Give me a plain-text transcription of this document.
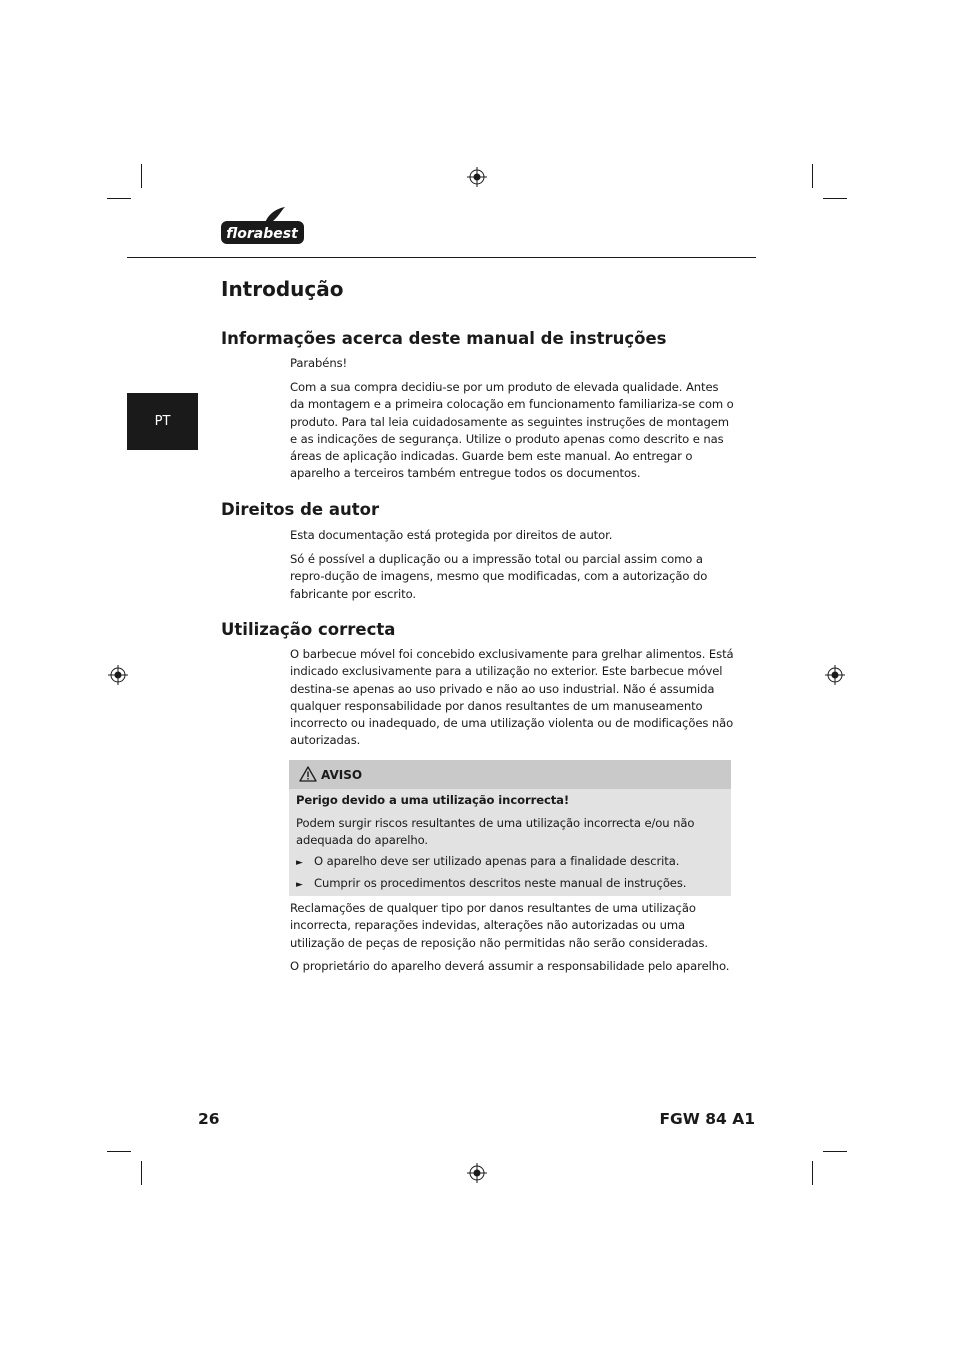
florabest
PT
Introdução
Informações acerca deste manual de instruções

Parabéns!

Com a sua compra decidiu-se por um produto de elevada qualidade. Antes da montagem e a primeira colocação em funcionamento familiariza-se com o produto. Para tal leia cuidadosamente as seguintes instruções de montagem e as indicações de segurança. Utilize o produto apenas como descrito e nas áreas de aplicação indicadas. Guarde bem este manual. Ao entregar o aparelho a terceiros também entregue todos os documentos.

Direitos de autor

Esta documentação está protegida por direitos de autor.

Só é possível a duplicação ou a impressão total ou parcial assim como a repro-dução de imagens, mesmo que modificadas, com a autorização do fabricante por escrito.

Utilização correcta

O barbecue móvel foi concebido exclusivamente para grelhar alimentos. Está indicado exclusivamente para a utilização no exterior. Este barbecue móvel destina-se apenas ao uso privado e não ao uso industrial. Não é assumida qualquer responsabilidade por danos resultantes de um manuseamento incorrecto ou inadequado, de uma utilização violenta ou de modificações não autorizadas.

AVISO
Perigo devido a uma utilização incorrecta!
Podem surgir riscos resultantes de uma utilização incorrecta e/ou não adequada do aparelho.
► O aparelho deve ser utilizado apenas para a finalidade descrita.
► Cumprir os procedimentos descritos neste manual de instruções.

Reclamações de qualquer tipo por danos resultantes de uma utilização incorrecta, reparações indevidas, alterações não autorizadas ou uma utilização de peças de reposição não permitidas não serão consideradas.

O proprietário do aparelho deverá assumir a responsabilidade pelo aparelho.

26	FGW 84 A1
